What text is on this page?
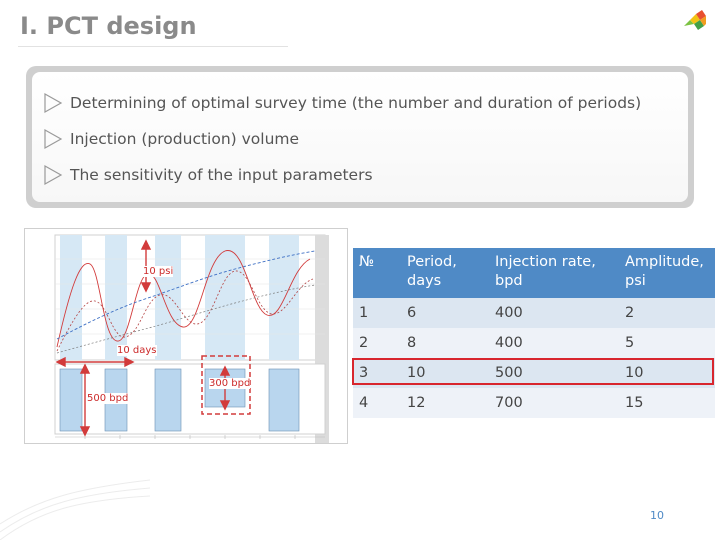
I. PCT design
Determining of optimal survey time (the number and duration of periods)
Injection (production) volume
The sensitivity of the input parameters
10 psi
10 days
500 bpd
300 bpd
№	Period, days	Injection rate, bpd	Amplitude, psi
1	6	400	2
2	8	400	5
3	10	500	10
4	12	700	15
10
